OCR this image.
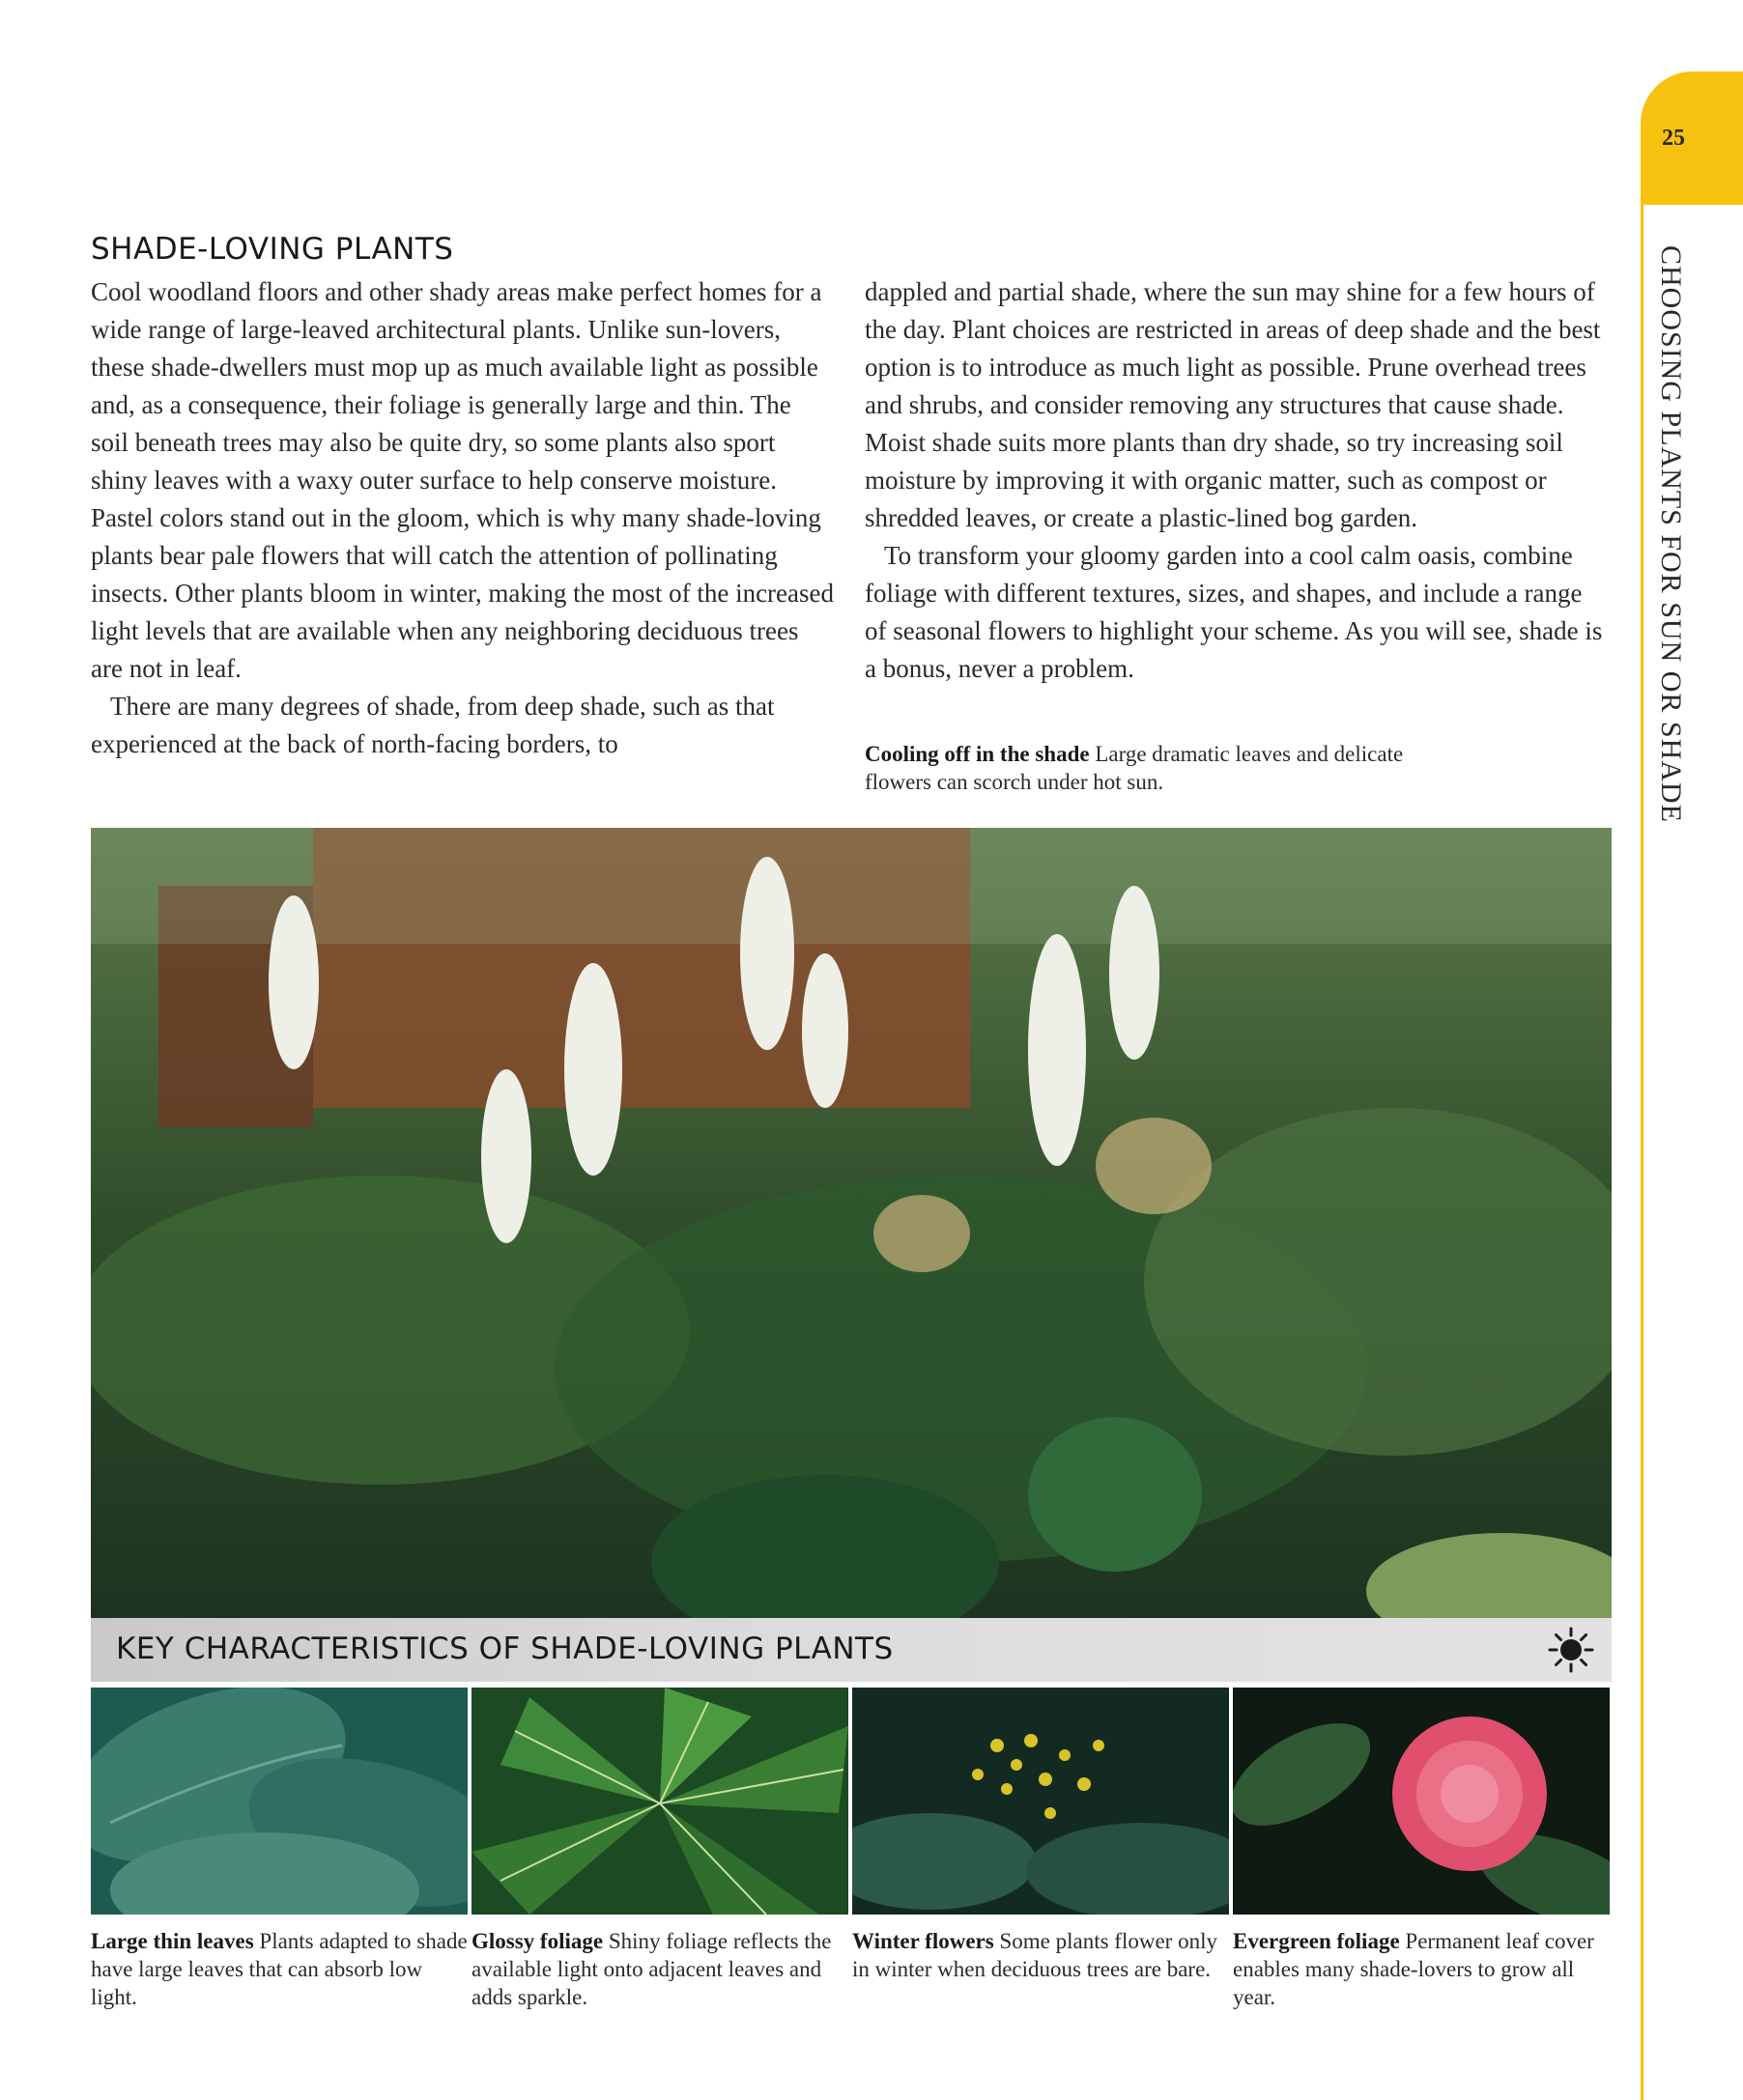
25
CHOOSING PLANTS FOR SUN OR SHADE
SHADE-LOVING PLANTS

Cool woodland floors and other shady areas make perfect homes for a wide range of large-leaved architectural plants. Unlike sun-lovers, these shade-dwellers must mop up as much available light as possible and, as a consequence, their foliage is generally large and thin. The soil beneath trees may also be quite dry, so some plants also sport shiny leaves with a waxy outer surface to help conserve moisture. Pastel colors stand out in the gloom, which is why many shade-loving plants bear pale flowers that will catch the attention of pollinating insects. Other plants bloom in winter, making the most of the increased light levels that are available when any neighboring deciduous trees are not in leaf.

There are many degrees of shade, from deep shade, such as that experienced at the back of north-facing borders, to

dappled and partial shade, where the sun may shine for a few hours of the day. Plant choices are restricted in areas of deep shade and the best option is to introduce as much light as possible. Prune overhead trees and shrubs, and consider removing any structures that cause shade. Moist shade suits more plants than dry shade, so try increasing soil moisture by improving it with organic matter, such as compost or shredded leaves, or create a plastic-lined bog garden.

To transform your gloomy garden into a cool calm oasis, combine foliage with different textures, sizes, and shapes, and include a range of seasonal flowers to highlight your scheme. As you will see, shade is a bonus, never a problem.

Cooling off in the shade Large dramatic leaves and delicate flowers can scorch under hot sun.
KEY CHARACTERISTICS OF SHADE-LOVING PLANTS
Large thin leaves Plants adapted to shade have large leaves that can absorb low light.
Glossy foliage Shiny foliage reflects the available light onto adjacent leaves and adds sparkle.
Winter flowers Some plants flower only in winter when deciduous trees are bare.
Evergreen foliage Permanent leaf cover enables many shade-lovers to grow all year.
